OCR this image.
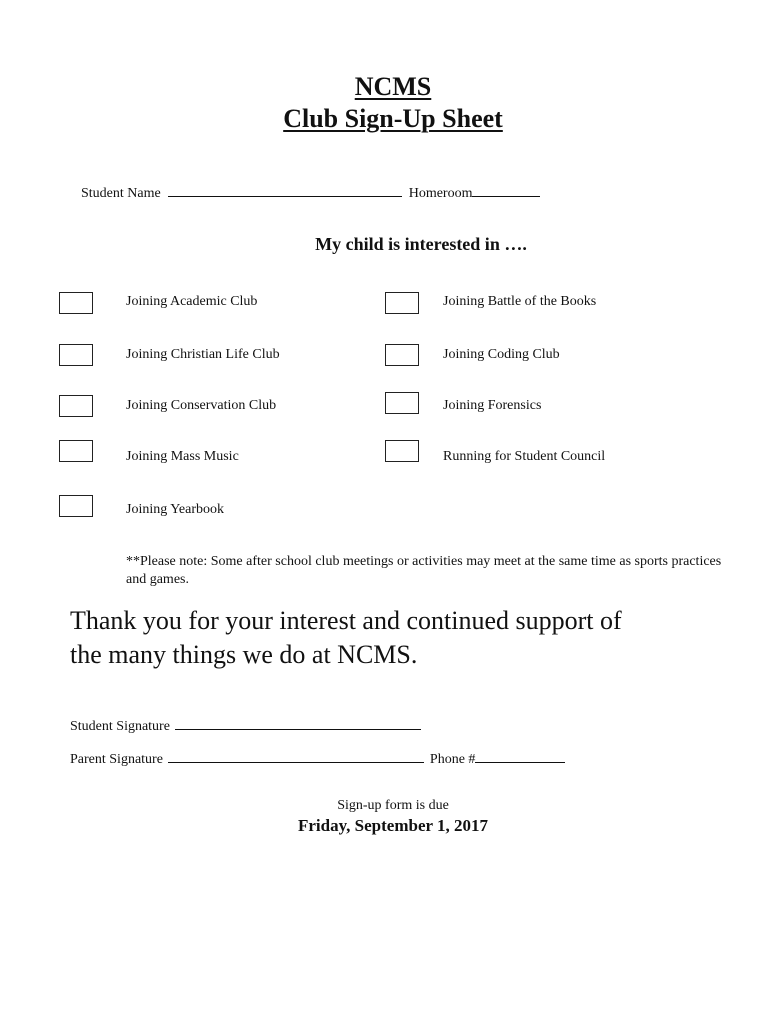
NCMS
Club Sign-Up Sheet
Student Name	Homeroom
My child is interested in ….
Joining Academic Club
Joining Christian Life Club
Joining Conservation Club
Joining Mass Music
Joining Yearbook
Joining Battle of the Books
Joining Coding Club
Joining Forensics
Running for Student Council
**Please note: Some after school club meetings or activities may meet at the same time as sports practices and games.
Thank you for your interest and continued support of the many things we do at NCMS.
Student Signature
Parent Signature	Phone #
Sign-up form is due
Friday, September 1, 2017
